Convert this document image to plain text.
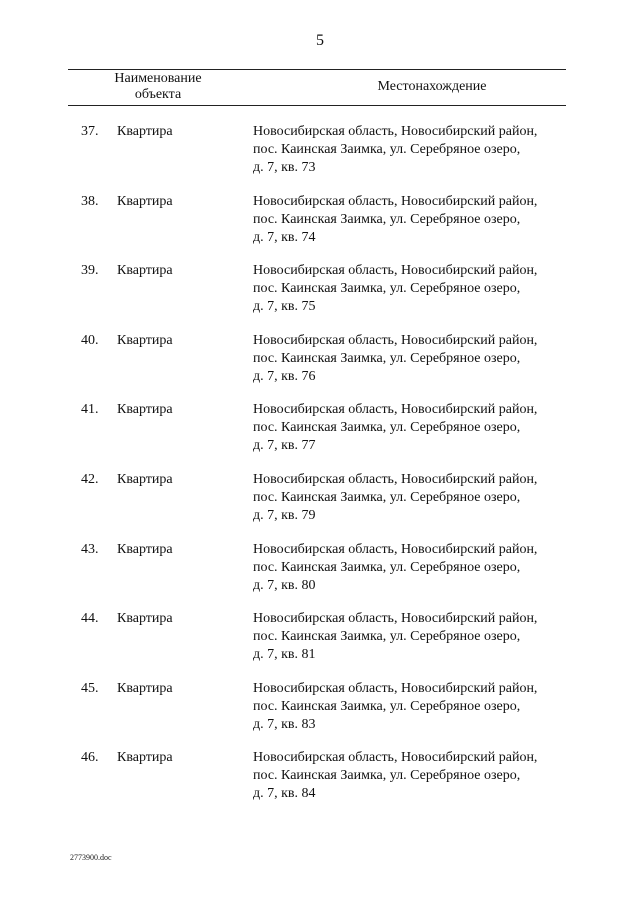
5
Наименование
объекта
Местонахождение
37. Квартира	Новосибирская область, Новосибирский район,
пос. Каинская Заимка, ул. Серебряное озеро,
д. 7, кв. 73
38. Квартира	Новосибирская область, Новосибирский район,
пос. Каинская Заимка, ул. Серебряное озеро,
д. 7, кв. 74
39. Квартира	Новосибирская область, Новосибирский район,
пос. Каинская Заимка, ул. Серебряное озеро,
д. 7, кв. 75
40. Квартира	Новосибирская область, Новосибирский район,
пос. Каинская Заимка, ул. Серебряное озеро,
д. 7, кв. 76
41. Квартира	Новосибирская область, Новосибирский район,
пос. Каинская Заимка, ул. Серебряное озеро,
д. 7, кв. 77
42. Квартира	Новосибирская область, Новосибирский район,
пос. Каинская Заимка, ул. Серебряное озеро,
д. 7, кв. 79
43. Квартира	Новосибирская область, Новосибирский район,
пос. Каинская Заимка, ул. Серебряное озеро,
д. 7, кв. 80
44. Квартира	Новосибирская область, Новосибирский район,
пос. Каинская Заимка, ул. Серебряное озеро,
д. 7, кв. 81
45. Квартира	Новосибирская область, Новосибирский район,
пос. Каинская Заимка, ул. Серебряное озеро,
д. 7, кв. 83
46. Квартира	Новосибирская область, Новосибирский район,
пос. Каинская Заимка, ул. Серебряное озеро,
д. 7, кв. 84
2773900.doc
